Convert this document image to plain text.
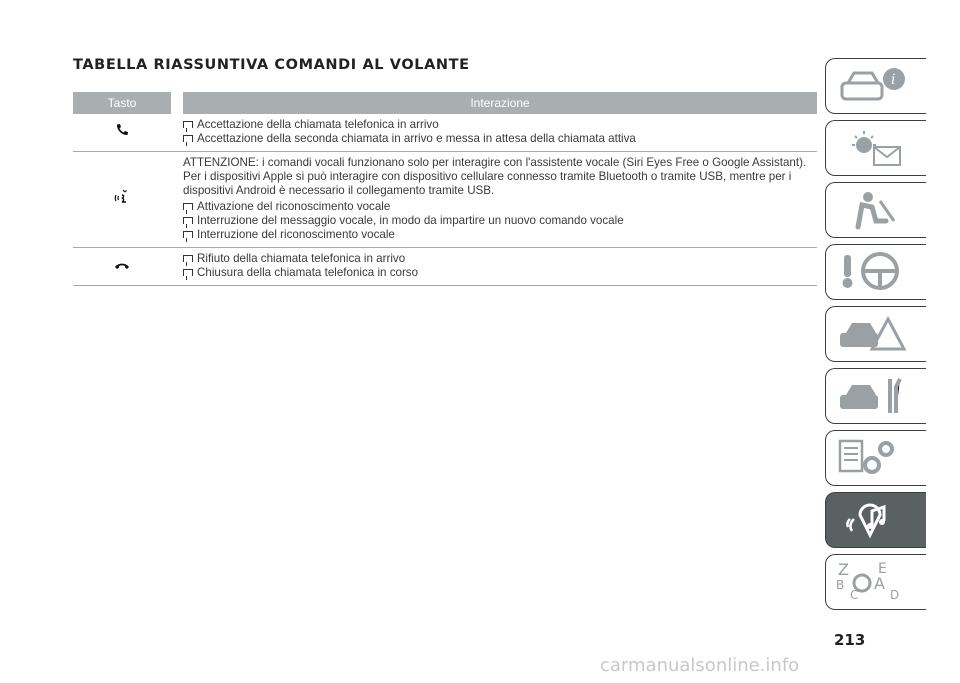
TABELLA RIASSUNTIVA COMANDI AL VOLANTE
Tasto	Interazione
Accettazione della chiamata telefonica in arrivo
Accettazione della seconda chiamata in arrivo e messa in attesa della chiamata attiva
ATTENZIONE: i comandi vocali funzionano solo per interagire con l'assistente vocale (Siri Eyes Free o Google Assistant). Per i dispositivi Apple si può interagire con dispositivo cellulare connesso tramite Bluetooth o tramite USB, mentre per i dispositivi Android è necessario il collegamento tramite USB.
Attivazione del riconoscimento vocale
Interruzione del messaggio vocale, in modo da impartire un nuovo comando vocale
Interruzione del riconoscimento vocale
Rifiuto della chiamata telefonica in arrivo
Chiusura della chiamata telefonica in corso
i
Z E
A
B
C	D
213
carmanualsonline.info
